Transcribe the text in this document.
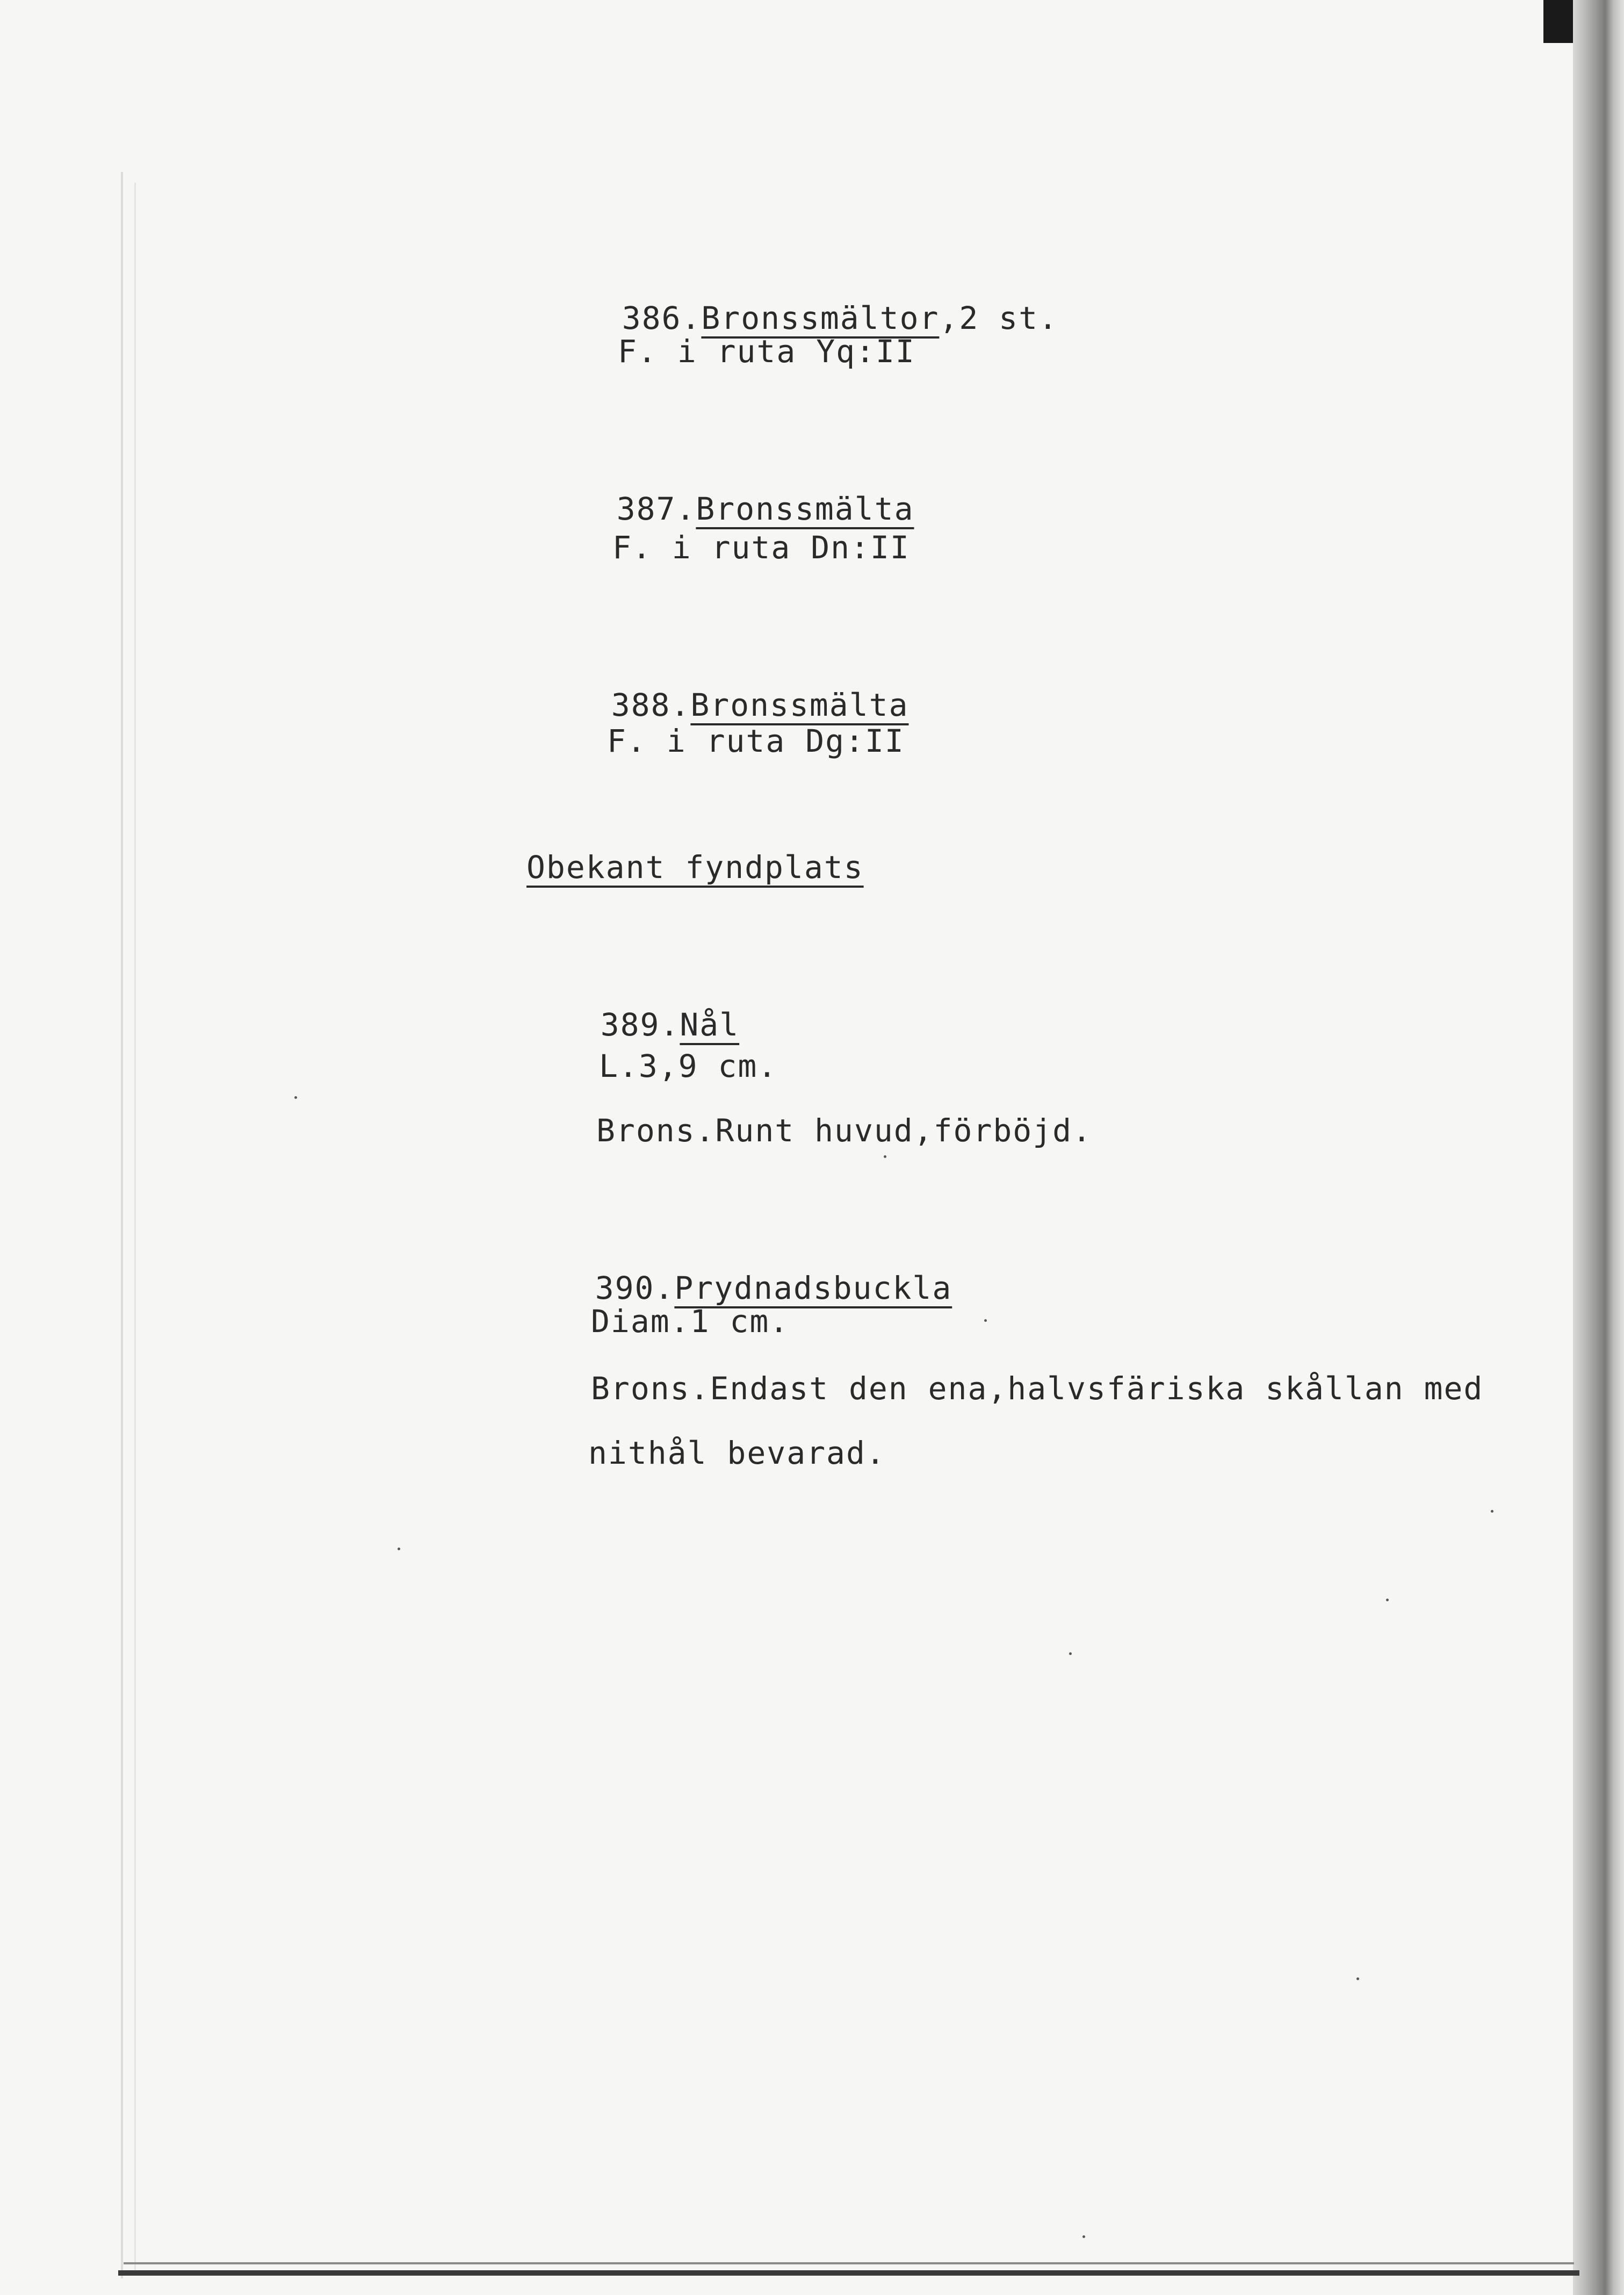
386.Bronssmältor,2 st.

F. i ruta Yq:II

387.Bronssmälta

F. i ruta Dn:II

388.Bronssmälta

F. i ruta Dg:II
Obekant fyndplats

389.Nål

L.3,9 cm.
Brons.Runt huvud,förböjd.

390.Prydnadsbuckla

Diam.1 cm.
Brons.Endast den ena,halvsfäriska skållan med
nithål bevarad.
